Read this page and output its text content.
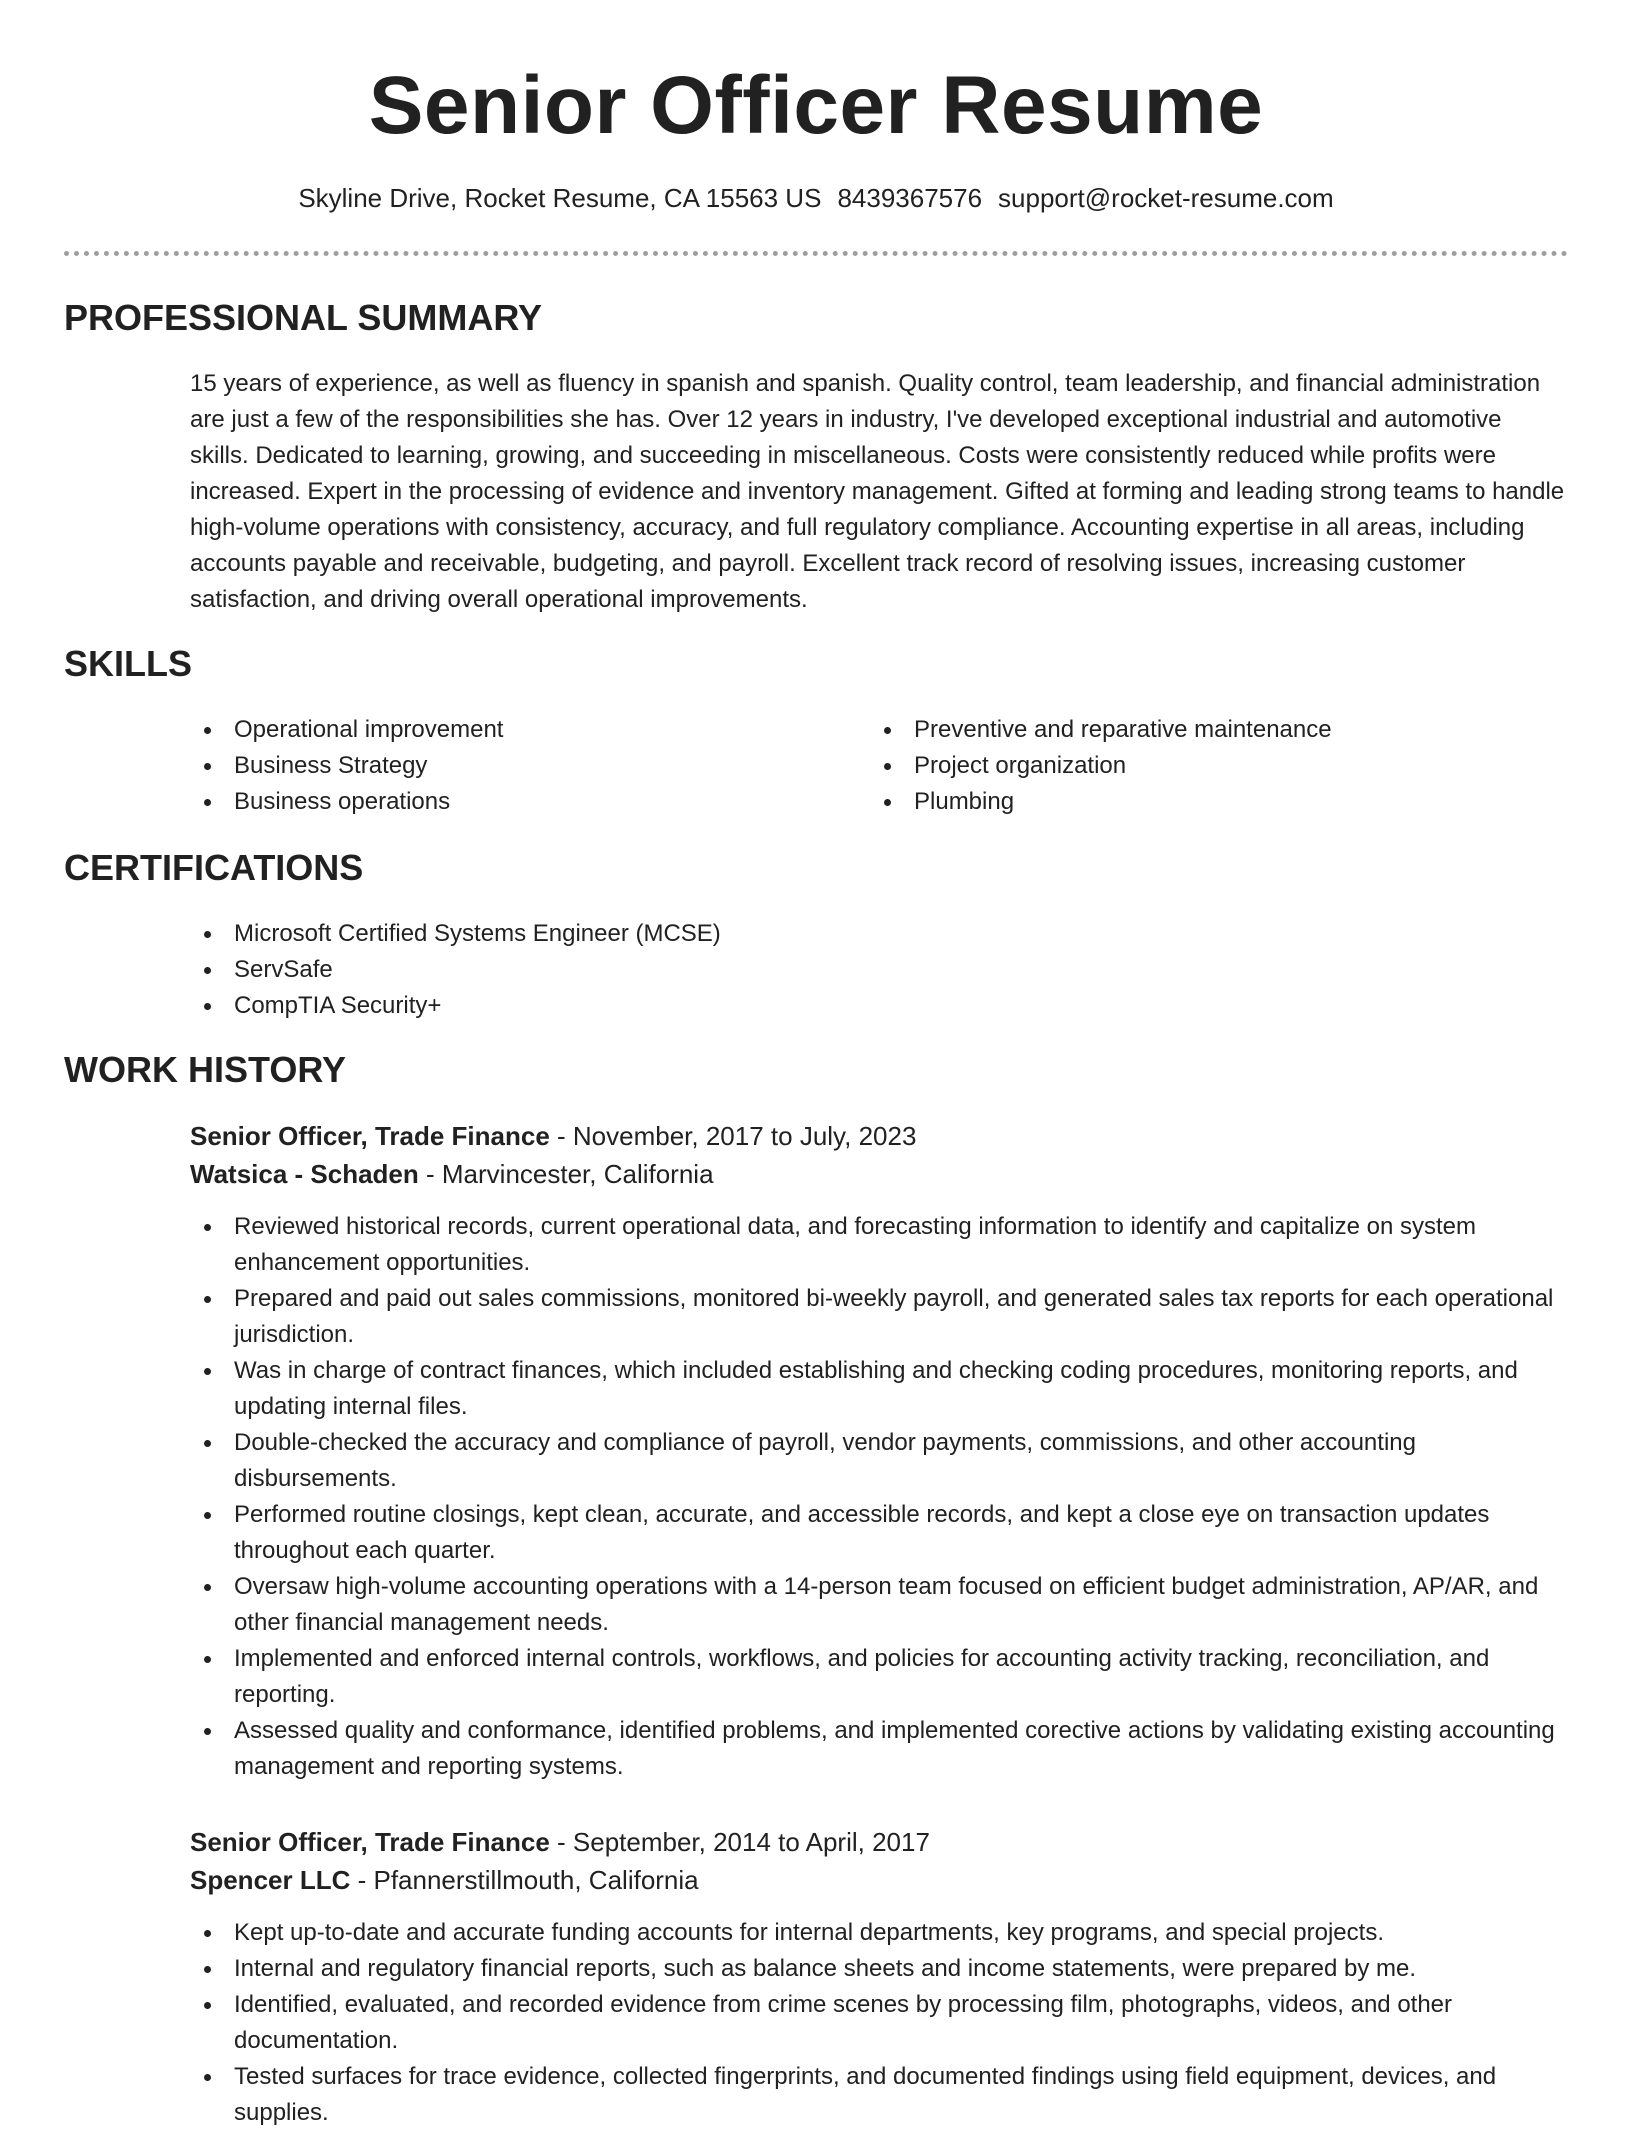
Senior Officer Resume
Skyline Drive, Rocket Resume, CA 15563 US 8439367576 support@rocket-resume.com
PROFESSIONAL SUMMARY

15 years of experience, as well as fluency in spanish and spanish. Quality control, team leadership, and financial administration are just a few of the responsibilities she has. Over 12 years in industry, I've developed exceptional industrial and automotive skills. Dedicated to learning, growing, and succeeding in miscellaneous. Costs were consistently reduced while profits were increased. Expert in the processing of evidence and inventory management. Gifted at forming and leading strong teams to handle high-volume operations with consistency, accuracy, and full regulatory compliance. Accounting expertise in all areas, including accounts payable and receivable, budgeting, and payroll. Excellent track record of resolving issues, increasing customer satisfaction, and driving overall operational improvements.

SKILLS
Operational improvement
Business Strategy
Business operations
Preventive and reparative maintenance
Project organization
Plumbing
CERTIFICATIONS
Microsoft Certified Systems Engineer (MCSE)
ServSafe
CompTIA Security+
WORK HISTORY
Senior Officer, Trade Finance - November, 2017 to July, 2023
Watsica - Schaden - Marvincester, California
Reviewed historical records, current operational data, and forecasting information to identify and capitalize on system enhancement opportunities.
Prepared and paid out sales commissions, monitored bi-weekly payroll, and generated sales tax reports for each operational jurisdiction.
Was in charge of contract finances, which included establishing and checking coding procedures, monitoring reports, and updating internal files.
Double-checked the accuracy and compliance of payroll, vendor payments, commissions, and other accounting disbursements.
Performed routine closings, kept clean, accurate, and accessible records, and kept a close eye on transaction updates throughout each quarter.
Oversaw high-volume accounting operations with a 14-person team focused on efficient budget administration, AP/AR, and other financial management needs.
Implemented and enforced internal controls, workflows, and policies for accounting activity tracking, reconciliation, and reporting.
Assessed quality and conformance, identified problems, and implemented corective actions by validating existing accounting management and reporting systems.
Senior Officer, Trade Finance - September, 2014 to April, 2017
Spencer LLC - Pfannerstillmouth, California
Kept up-to-date and accurate funding accounts for internal departments, key programs, and special projects.
Internal and regulatory financial reports, such as balance sheets and income statements, were prepared by me.
Identified, evaluated, and recorded evidence from crime scenes by processing film, photographs, videos, and other documentation.
Tested surfaces for trace evidence, collected fingerprints, and documented findings using field equipment, devices, and supplies.
